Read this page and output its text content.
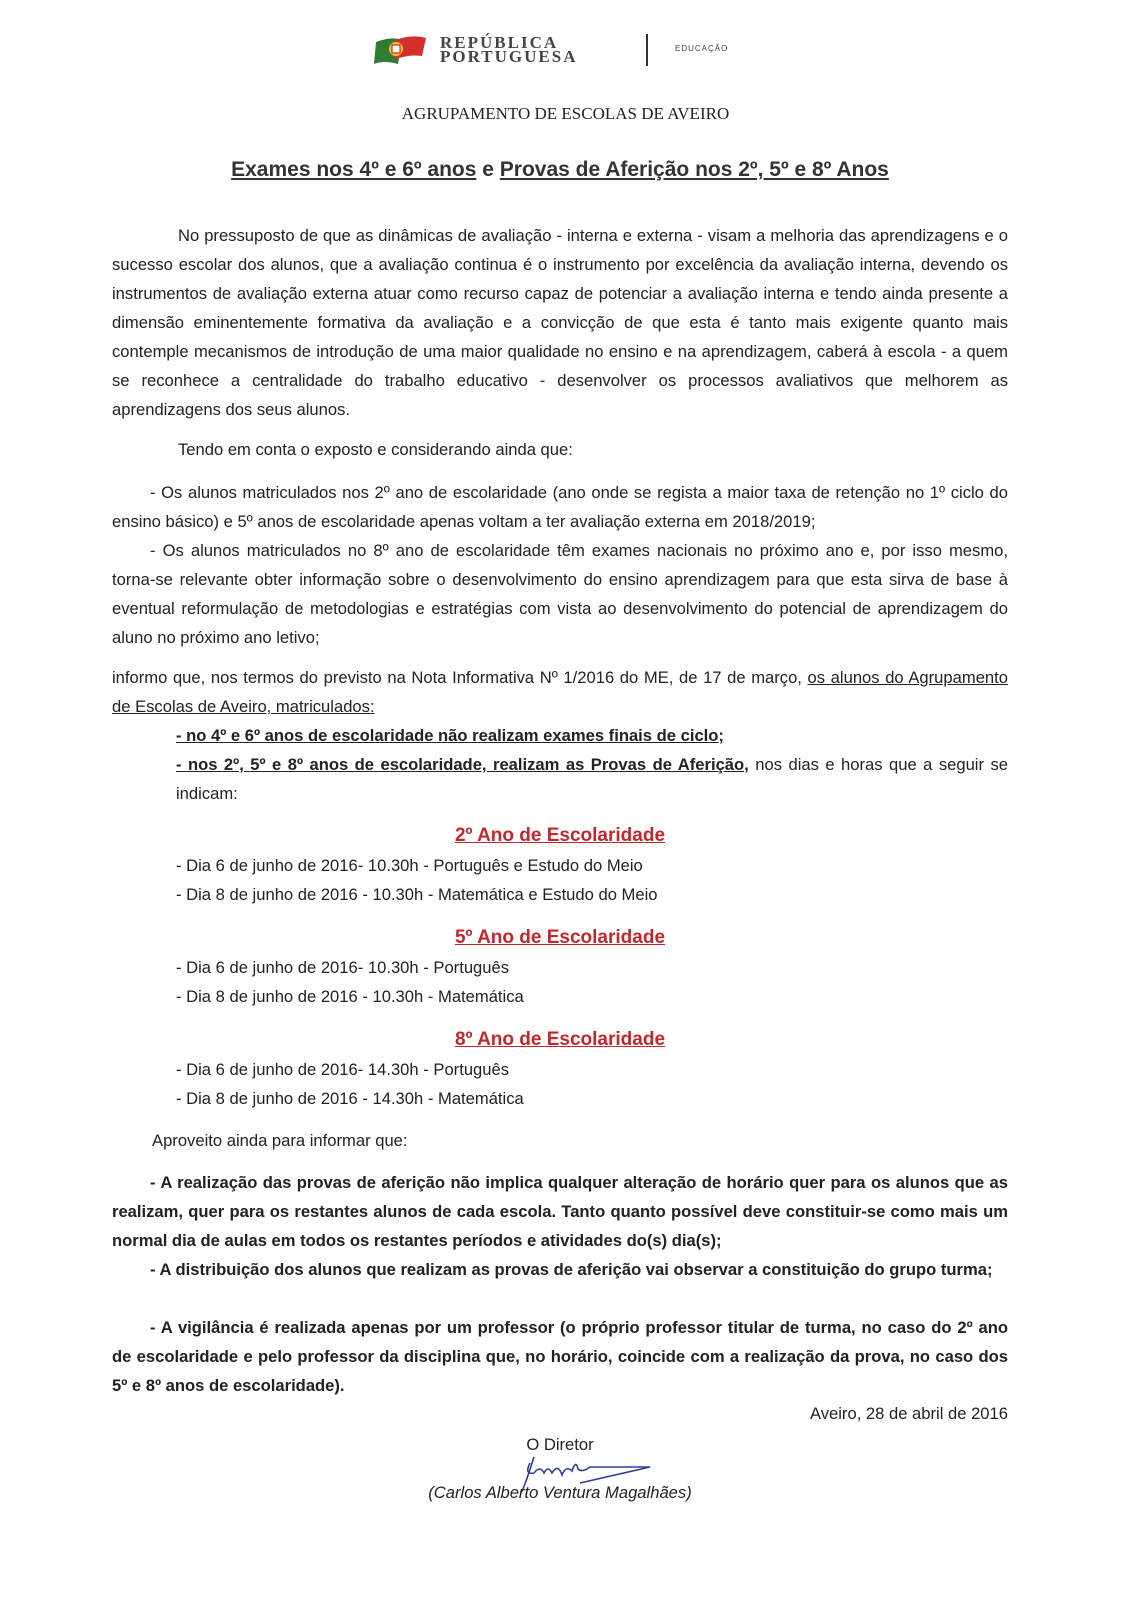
REPÚBLICA
PORTUGUESA	EDUCAÇÃO
AGRUPAMENTO DE ESCOLAS DE AVEIRO
Exames nos 4º e 6º anos e Provas de Aferição nos 2º, 5º e 8º Anos
No pressuposto de que as dinâmicas de avaliação - interna e externa - visam a melhoria das aprendizagens e o sucesso escolar dos alunos, que a avaliação continua é o instrumento por excelência da avaliação interna, devendo os instrumentos de avaliação externa atuar como recurso capaz de potenciar a avaliação interna e tendo ainda presente a dimensão eminentemente formativa da avaliação e a convicção de que esta é tanto mais exigente quanto mais contemple mecanismos de introdução de uma maior qualidade no ensino e na aprendizagem, caberá à escola - a quem se reconhece a centralidade do trabalho educativo - desenvolver os processos avaliativos que melhorem as aprendizagens dos seus alunos.
Tendo em conta o exposto e considerando ainda que:
- Os alunos matriculados nos 2º ano de escolaridade (ano onde se regista a maior taxa de retenção no 1º ciclo do ensino básico) e 5º anos de escolaridade apenas voltam a ter avaliação externa em 2018/2019;
- Os alunos matriculados no 8º ano de escolaridade têm exames nacionais no próximo ano e, por isso mesmo, torna-se relevante obter informação sobre o desenvolvimento do ensino aprendizagem para que esta sirva de base à eventual reformulação de metodologias e estratégias com vista ao desenvolvimento do potencial de aprendizagem do aluno no próximo ano letivo;
informo que, nos termos do previsto na Nota Informativa Nº 1/2016 do ME, de 17 de março, os alunos do Agrupamento de Escolas de Aveiro, matriculados:
- no 4º e 6º anos de escolaridade não realizam exames finais de ciclo;
- nos 2º, 5º e 8º anos de escolaridade, realizam as Provas de Aferição, nos dias e horas que a seguir se indicam:
2º Ano de Escolaridade
- Dia 6 de junho de 2016- 10.30h - Português e Estudo do Meio
- Dia 8 de junho de 2016 - 10.30h - Matemática e Estudo do Meio
5º Ano de Escolaridade
- Dia 6 de junho de 2016- 10.30h - Português
- Dia 8 de junho de 2016 - 10.30h - Matemática
8º Ano de Escolaridade
- Dia 6 de junho de 2016- 14.30h - Português
- Dia 8 de junho de 2016 - 14.30h - Matemática
Aproveito ainda para informar que:
- A realização das provas de aferição não implica qualquer alteração de horário quer para os alunos que as realizam, quer para os restantes alunos de cada escola. Tanto quanto possível deve constituir-se como mais um normal dia de aulas em todos os restantes períodos e atividades do(s) dia(s);
- A distribuição dos alunos que realizam as provas de aferição vai observar a constituição do grupo turma;
- A vigilância é realizada apenas por um professor (o próprio professor titular de turma, no caso do 2º ano de escolaridade e pelo professor da disciplina que, no horário, coincide com a realização da prova, no caso dos 5º e 8º anos de escolaridade).
Aveiro, 28 de abril de 2016
O Diretor
(Carlos Alberto Ventura Magalhães)
